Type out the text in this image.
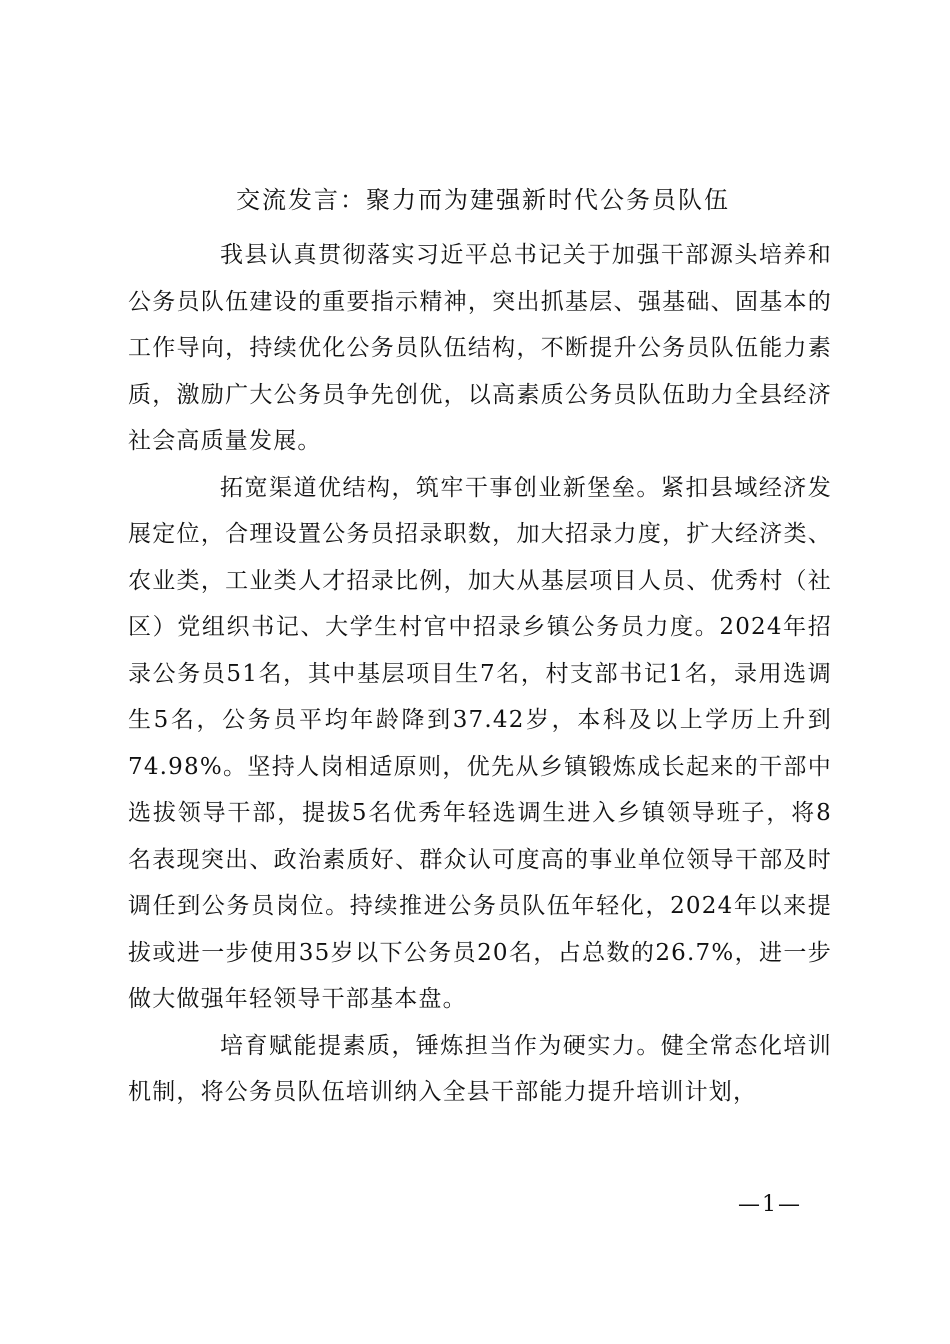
交流发言：聚力而为建强新时代公务员队伍

我县认真贯彻落实习近平总书记关于加强干部源头培养和公务员队伍建设的重要指示精神，突出抓基层、强基础、固基本的工作导向，持续优化公务员队伍结构，不断提升公务员队伍能力素质，激励广大公务员争先创优，以高素质公务员队伍助力全县经济社会高质量发展。

拓宽渠道优结构，筑牢干事创业新堡垒。紧扣县域经济发展定位，合理设置公务员招录职数，加大招录力度，扩大经济类、农业类，工业类人才招录比例，加大从基层项目人员、优秀村（社区）党组织书记、大学生村官中招录乡镇公务员力度。2024年招录公务员51名，其中基层项目生7名，村支部书记1名，录用选调生5名，公务员平均年龄降到37.42岁，本科及以上学历上升到74.98%。坚持人岗相适原则，优先从乡镇锻炼成长起来的干部中选拔领导干部，提拔5名优秀年轻选调生进入乡镇领导班子，将8名表现突出、政治素质好、群众认可度高的事业单位领导干部及时调任到公务员岗位。持续推进公务员队伍年轻化，2024年以来提拔或进一步使用35岁以下公务员20名，占总数的26.7%，进一步做大做强年轻领导干部基本盘。

培育赋能提素质，锤炼担当作为硬实力。健全常态化培训机制，将公务员队伍培训纳入全县干部能力提升培训计划，

—1—
